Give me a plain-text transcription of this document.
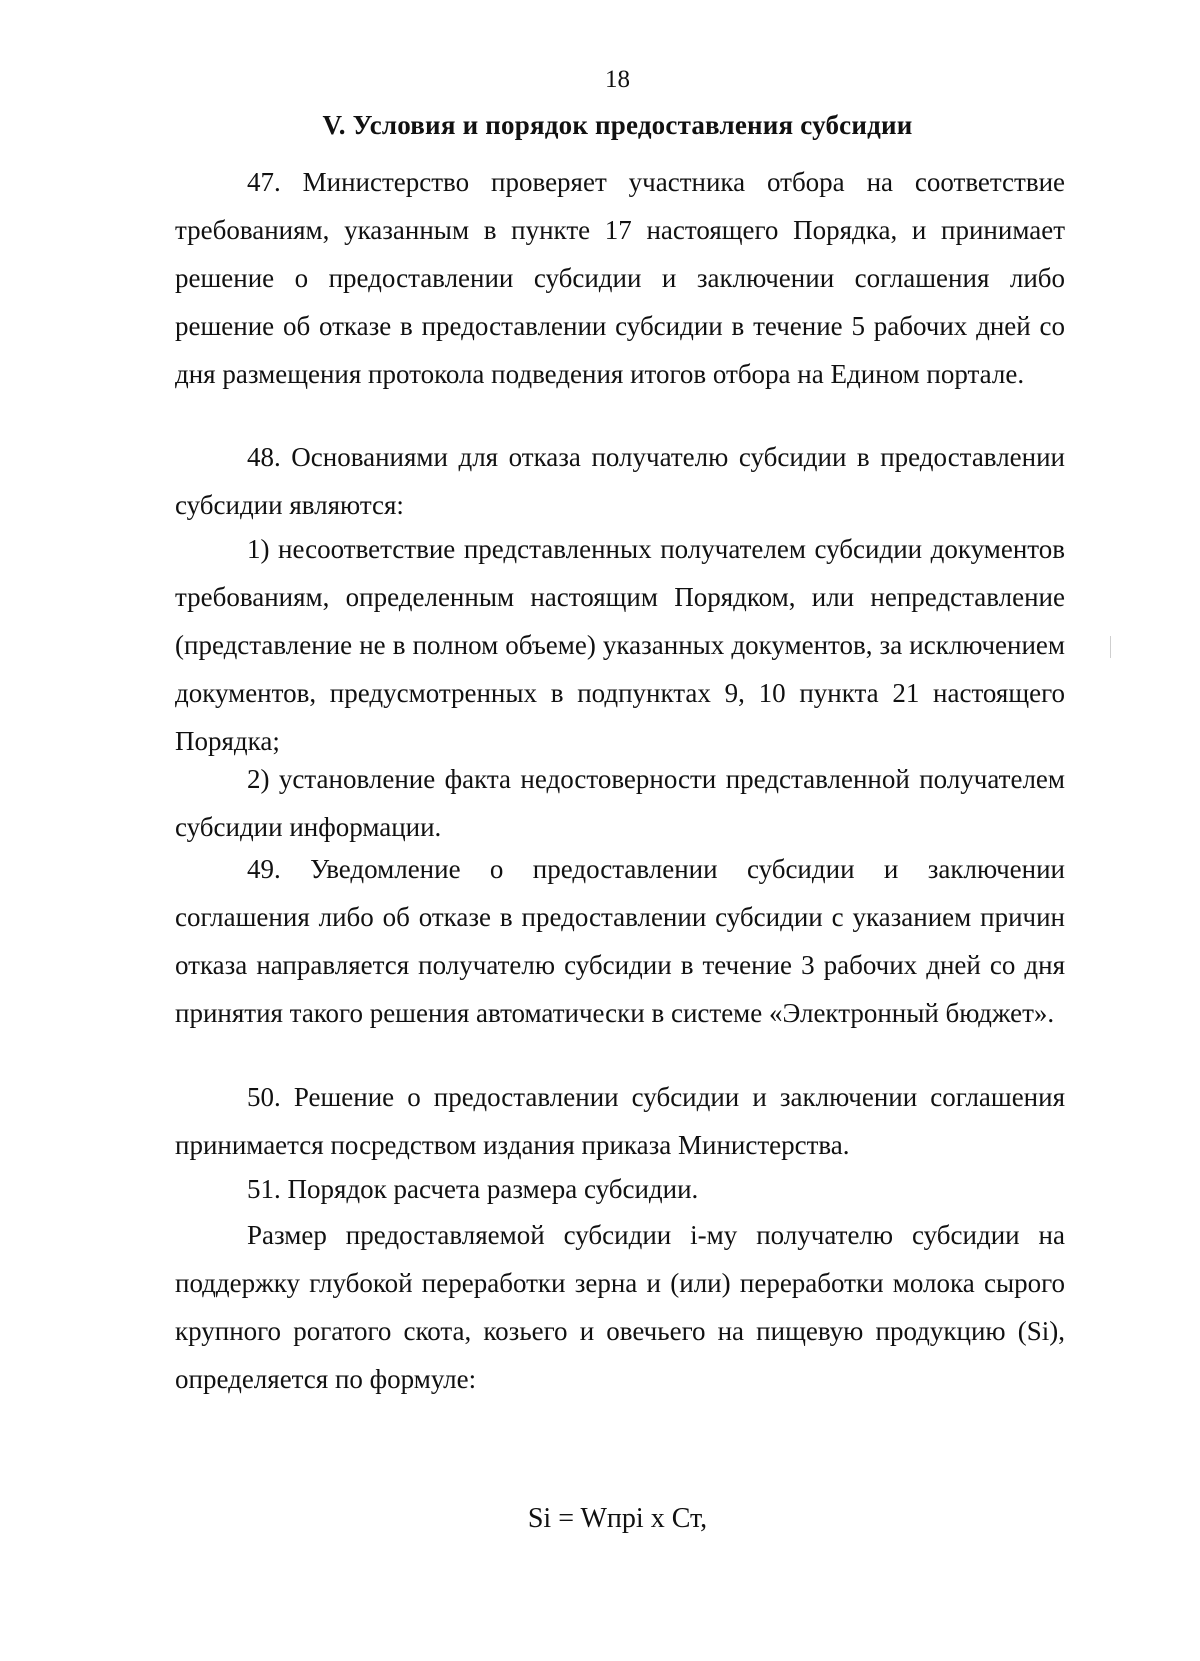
18
V. Условия и порядок предоставления субсидии

47. Министерство проверяет участника отбора на соответствие требованиям, указанным в пункте 17 настоящего Порядка, и принимает решение о предоставлении субсидии и заключении соглашения либо решение об отказе в предоставлении субсидии в течение 5 рабочих дней со дня размещения протокола подведения итогов отбора на Едином портале.

48. Основаниями для отказа получателю субсидии в предоставлении субсидии являются:

1) несоответствие представленных получателем субсидии документов требованиям, определенным настоящим Порядком, или непредставление (представление не в полном объеме) указанных документов, за исключением документов, предусмотренных в подпунктах 9, 10 пункта 21 настоящего Порядка;

2) установление факта недостоверности представленной получателем субсидии информации.

49. Уведомление о предоставлении субсидии и заключении соглашения либо об отказе в предоставлении субсидии с указанием причин отказа направляется получателю субсидии в течение 3 рабочих дней со дня принятия такого решения автоматически в системе «Электронный бюджет».

50. Решение о предоставлении субсидии и заключении соглашения принимается посредством издания приказа Министерства.

51. Порядок расчета размера субсидии.

Размер предоставляемой субсидии i-му получателю субсидии на поддержку глубокой переработки зерна и (или) переработки молока сырого крупного рогатого скота, козьего и овечьего на пищевую продукцию (Si), определяется по формуле:

Si = Wпрi x Ст,
